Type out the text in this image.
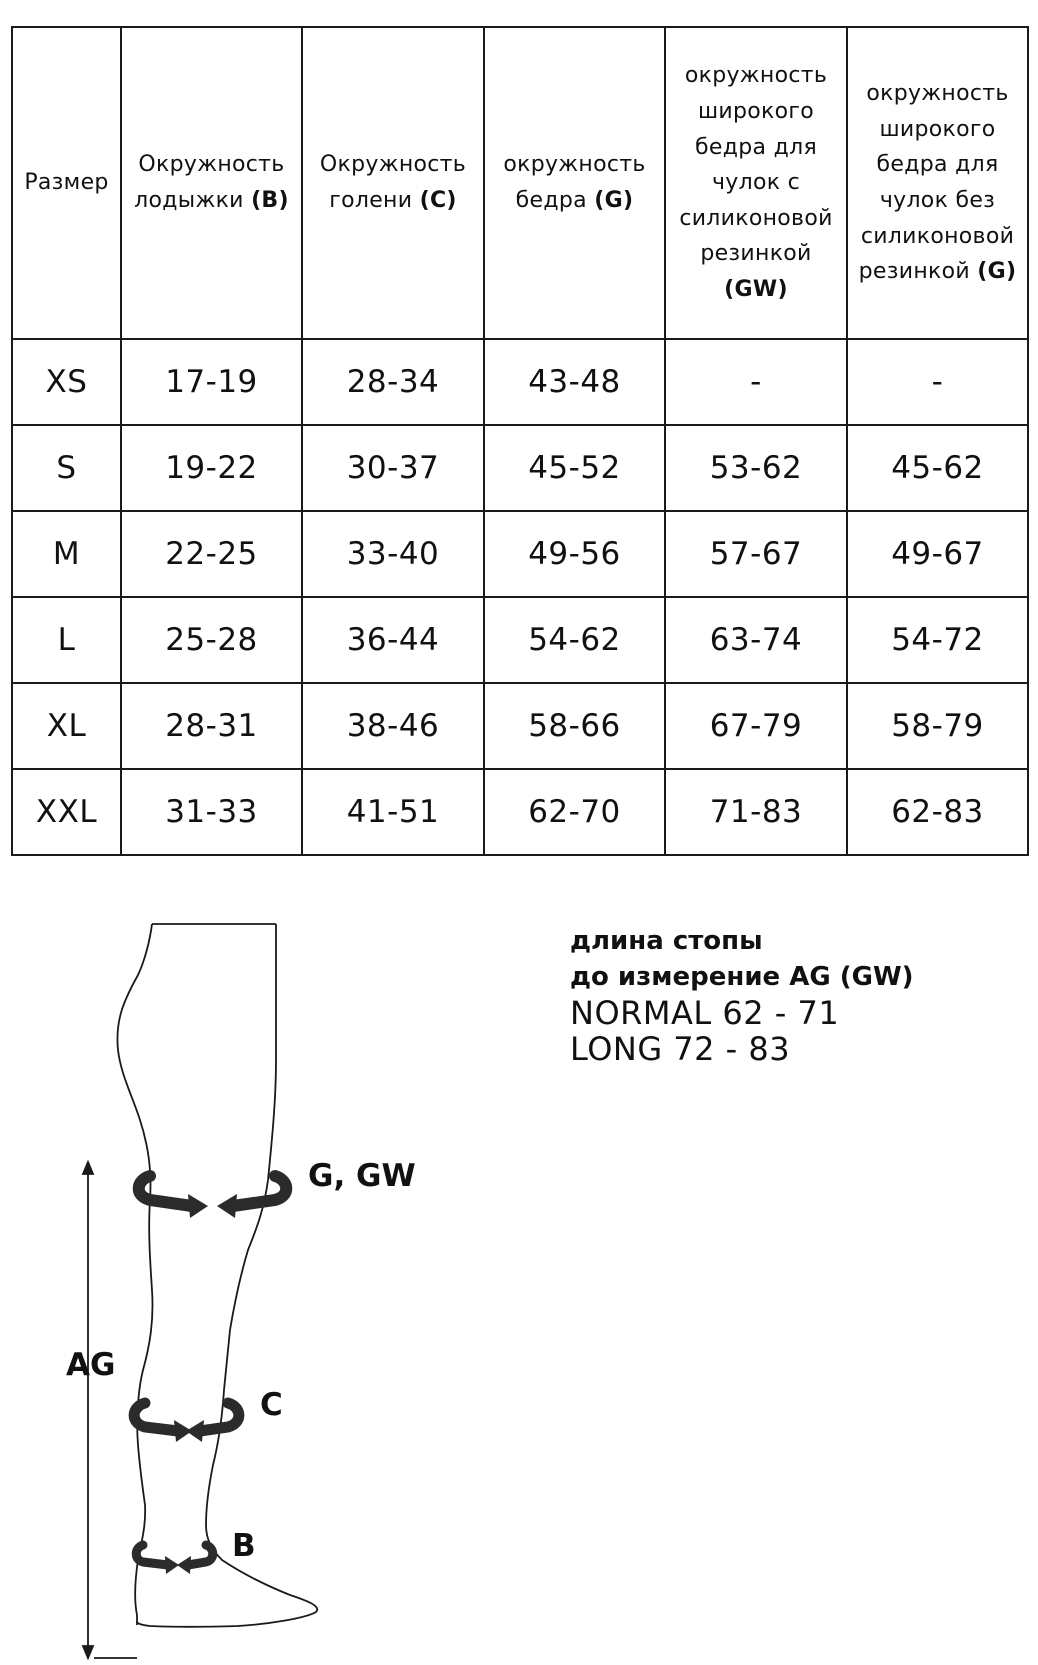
Размер	Окружность лодыжки (B)	Окружность голени (C)	окружность бедра (G)	окружность широкого бедра для чулок с силиконовой резинкой (GW)	окружность широкого бедра для чулок без силиконовой резинкой (G)
XS	17-19	28-34	43-48	-	-
S	19-22	30-37	45-52	53-62	45-62
M	22-25	33-40	49-56	57-67	49-67
L	25-28	36-44	54-62	63-74	54-72
XL	28-31	38-46	58-66	67-79	58-79
XXL	31-33	41-51	62-70	71-83	62-83
длина стопы
до измерение AG (GW)
NORMAL 62 - 71
LONG 72 - 83
G, GW
C
B
AG
